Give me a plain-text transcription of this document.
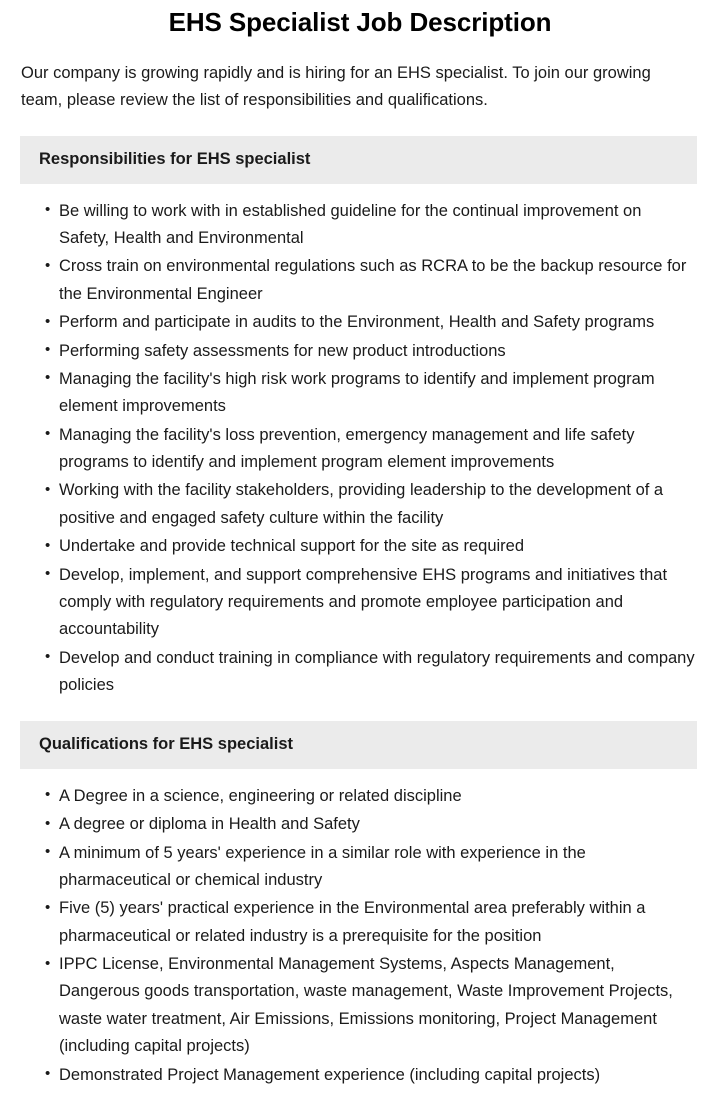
EHS Specialist Job Description

Our company is growing rapidly and is hiring for an EHS specialist. To join our growing team, please review the list of responsibilities and qualifications.

Responsibilities for EHS specialist
• Be willing to work with in established guideline for the continual improvement on Safety, Health and Environmental
• Cross train on environmental regulations such as RCRA to be the backup resource for the Environmental Engineer
• Perform and participate in audits to the Environment, Health and Safety programs
• Performing safety assessments for new product introductions
• Managing the facility's high risk work programs to identify and implement program element improvements
• Managing the facility's loss prevention, emergency management and life safety programs to identify and implement program element improvements
• Working with the facility stakeholders, providing leadership to the development of a positive and engaged safety culture within the facility
• Undertake and provide technical support for the site as required
• Develop, implement, and support comprehensive EHS programs and initiatives that comply with regulatory requirements and promote employee participation and accountability
• Develop and conduct training in compliance with regulatory requirements and company policies
Qualifications for EHS specialist
• A Degree in a science, engineering or related discipline
• A degree or diploma in Health and Safety
• A minimum of 5 years' experience in a similar role with experience in the pharmaceutical or chemical industry
• Five (5) years' practical experience in the Environmental area preferably within a pharmaceutical or related industry is a prerequisite for the position
• IPPC License, Environmental Management Systems, Aspects Management, Dangerous goods transportation, waste management, Waste Improvement Projects, waste water treatment, Air Emissions, Emissions monitoring, Project Management (including capital projects)
• Demonstrated Project Management experience (including capital projects)
